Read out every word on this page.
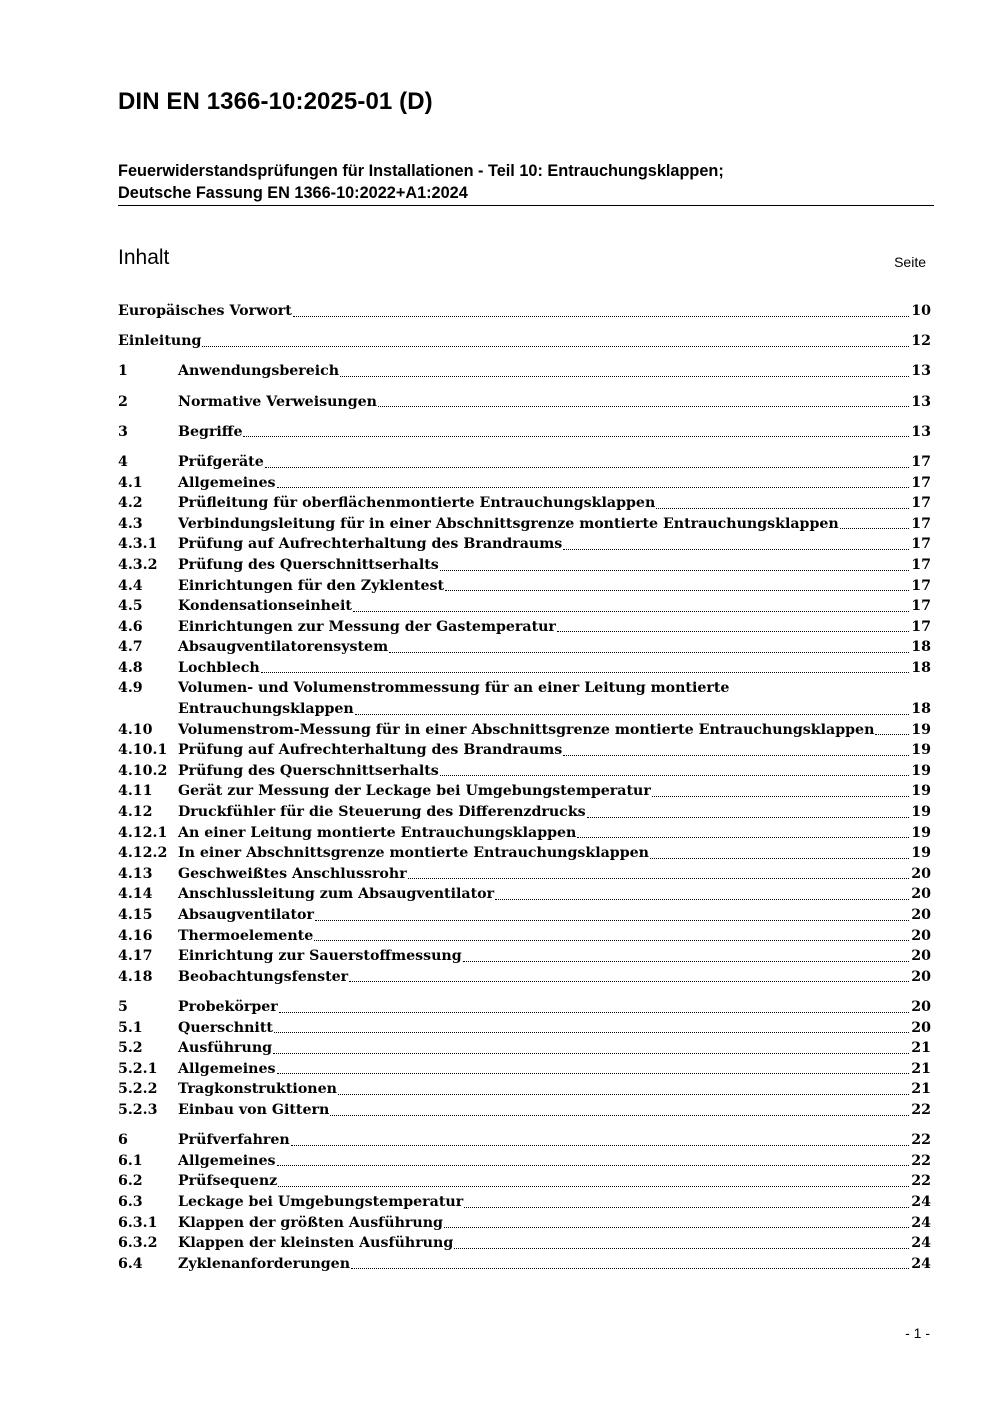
DIN EN 1366-10:2025-01 (D)
Feuerwiderstandsprüfungen für Installationen - Teil 10: Entrauchungsklappen;
Deutsche Fassung EN 1366-10:2022+A1:2024
Inhalt	Seite
Europäisches Vorwort	10
Einleitung	12
1	Anwendungsbereich	13
2	Normative Verweisungen	13
3	Begriffe	13
4	Prüfgeräte	17
4.1	Allgemeines	17
4.2	Prüfleitung für oberflächenmontierte Entrauchungsklappen	17
4.3	Verbindungsleitung für in einer Abschnittsgrenze montierte Entrauchungsklappen	17
4.3.1	Prüfung auf Aufrechterhaltung des Brandraums	17
4.3.2	Prüfung des Querschnittserhalts	17
4.4	Einrichtungen für den Zyklentest	17
4.5	Kondensationseinheit	17
4.6	Einrichtungen zur Messung der Gastemperatur	17
4.7	Absaugventilatorensystem	18
4.8	Lochblech	18
4.9	Volumen- und Volumenstrommessung für an einer Leitung montierte
Entrauchungsklappen	18
4.10	Volumenstrom-Messung für in einer Abschnittsgrenze montierte Entrauchungsklappen	19
4.10.1 Prüfung auf Aufrechterhaltung des Brandraums	19
4.10.2 Prüfung des Querschnittserhalts	19
4.11	Gerät zur Messung der Leckage bei Umgebungstemperatur	19
4.12	Druckfühler für die Steuerung des Differenzdrucks	19
4.12.1 An einer Leitung montierte Entrauchungsklappen	19
4.12.2 In einer Abschnittsgrenze montierte Entrauchungsklappen	19
4.13	Geschweißtes Anschlussrohr	20
4.14	Anschlussleitung zum Absaugventilator	20
4.15	Absaugventilator	20
4.16	Thermoelemente	20
4.17	Einrichtung zur Sauerstoffmessung	20
4.18	Beobachtungsfenster	20
5	Probekörper	20
5.1	Querschnitt	20
5.2	Ausführung	21
5.2.1	Allgemeines	21
5.2.2	Tragkonstruktionen	21
5.2.3	Einbau von Gittern	22
6	Prüfverfahren	22
6.1	Allgemeines	22
6.2	Prüfsequenz	22
6.3	Leckage bei Umgebungstemperatur	24
6.3.1	Klappen der größten Ausführung	24
6.3.2	Klappen der kleinsten Ausführung	24
6.4	Zyklenanforderungen	24
- 1 -
